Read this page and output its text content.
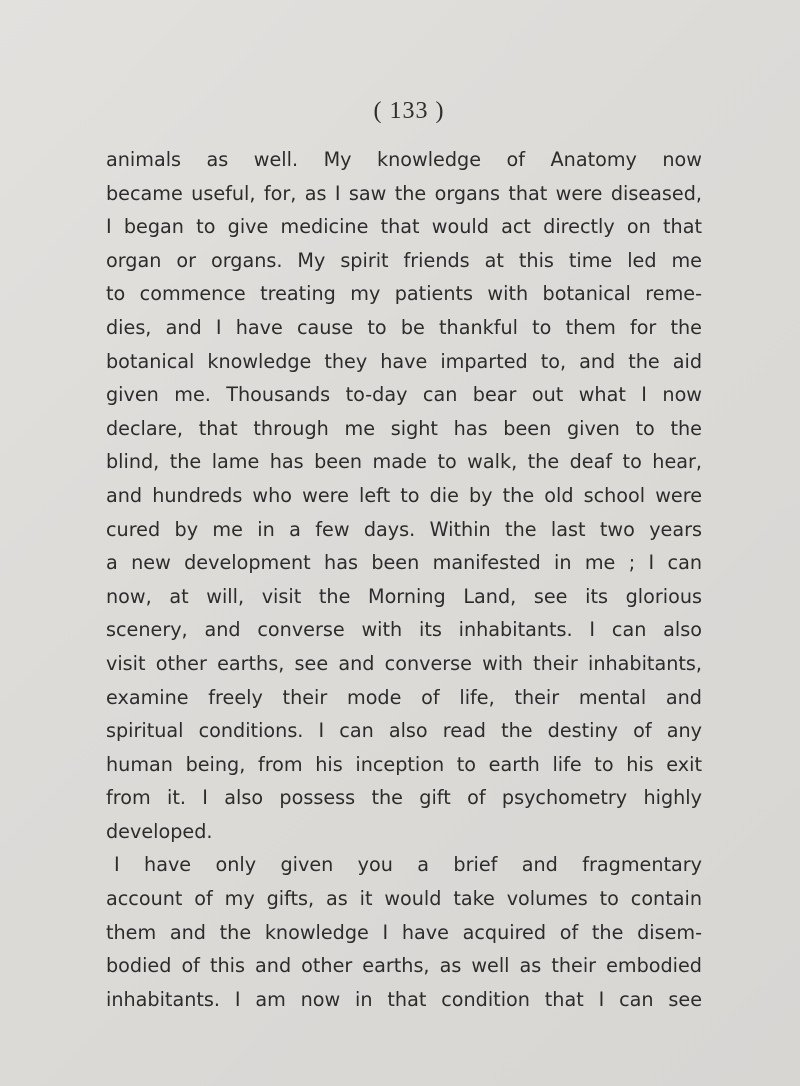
( 133 )
animals as well. My knowledge of Anatomy now
became useful, for, as I saw the organs that were diseased,
I began to give medicine that would act directly on that
organ or organs. My spirit friends at this time led me
to commence treating my patients with botanical reme-
dies, and I have cause to be thankful to them for the
botanical knowledge they have imparted to, and the aid
given me. Thousands to-day can bear out what I now
declare, that through me sight has been given to the
blind, the lame has been made to walk, the deaf to hear,
and hundreds who were left to die by the old school were
cured by me in a few days. Within the last two years
a new development has been manifested in me ; I can
now, at will, visit the Morning Land, see its glorious
scenery, and converse with its inhabitants. I can also
visit other earths, see and converse with their inhabitants,
examine freely their mode of life, their mental and
spiritual conditions. I can also read the destiny of any
human being, from his inception to earth life to his exit
from it. I also possess the gift of psychometry highly
developed.
I have only given you a brief and fragmentary
account of my gifts, as it would take volumes to contain
them and the knowledge I have acquired of the disem-
bodied of this and other earths, as well as their embodied
inhabitants. I am now in that condition that I can see
